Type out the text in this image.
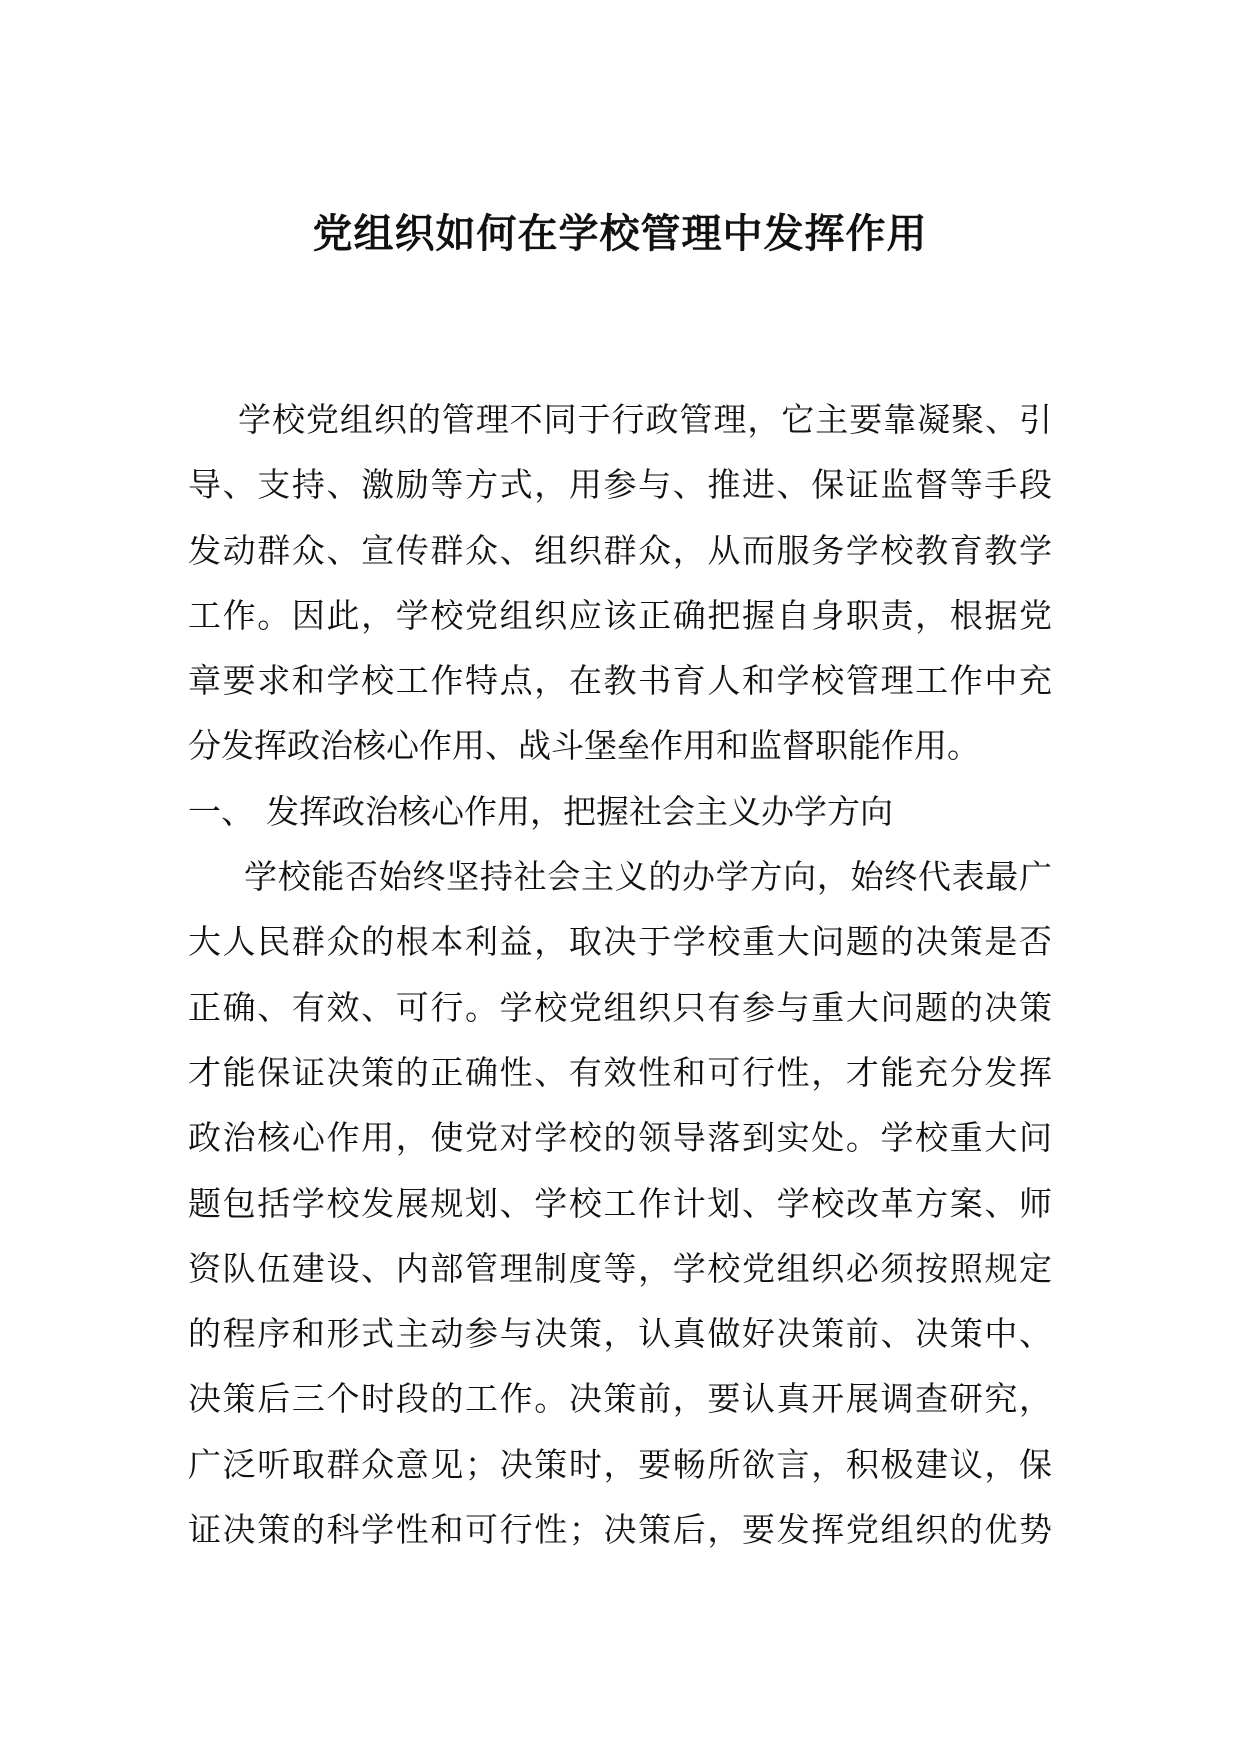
党组织如何在学校管理中发挥作用
学校党组织的管理不同于行政管理，它主要靠凝聚、引
导、支持、激励等方式，用参与、推进、保证监督等手段
发动群众、宣传群众、组织群众，从而服务学校教育教学
工作。因此，学校党组织应该正确把握自身职责，根据党
章要求和学校工作特点，在教书育人和学校管理工作中充
分发挥政治核心作用、战斗堡垒作用和监督职能作用。
一、 发挥政治核心作用，把握社会主义办学方向
学校能否始终坚持社会主义的办学方向，始终代表最广
大人民群众的根本利益，取决于学校重大问题的决策是否
正确、有效、可行。学校党组织只有参与重大问题的决策
才能保证决策的正确性、有效性和可行性，才能充分发挥
政治核心作用，使党对学校的领导落到实处。学校重大问
题包括学校发展规划、学校工作计划、学校改革方案、师
资队伍建设、内部管理制度等，学校党组织必须按照规定
的程序和形式主动参与决策，认真做好决策前、决策中、
决策后三个时段的工作。决策前，要认真开展调查研究，
广泛听取群众意见；决策时，要畅所欲言，积极建议，保
证决策的科学性和可行性；决策后，要发挥党组织的优势
